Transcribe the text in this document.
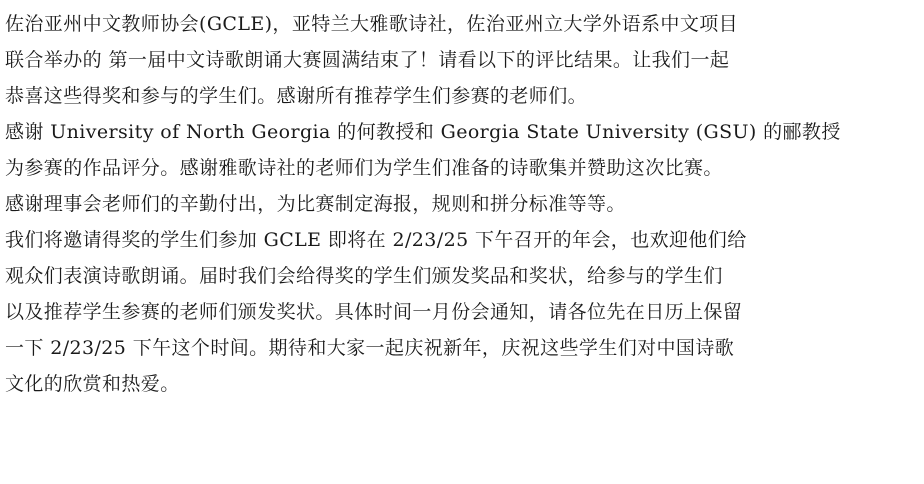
佐治亚州中文教师协会(GCLE)，亚特兰大雅歌诗社，佐治亚州立大学外语系中文项目
联合举办的 第一届中文诗歌朗诵大赛圆满结束了！请看以下的评比结果。让我们一起
恭喜这些得奖和参与的学生们。感谢所有推荐学生们参赛的老师们。
感谢 University of North Georgia 的何教授和 Georgia State University (GSU) 的郦教授
为参赛的作品评分。感谢雅歌诗社的老师们为学生们准备的诗歌集并赞助这次比赛。
感谢理事会老师们的辛勤付出，为比赛制定海报，规则和拼分标准等等。
我们将邀请得奖的学生们参加 GCLE 即将在 2/23/25 下午召开的年会，也欢迎他们给
观众们表演诗歌朗诵。届时我们会给得奖的学生们颁发奖品和奖状，给参与的学生们
以及推荐学生参赛的老师们颁发奖状。具体时间一月份会通知，请各位先在日历上保留
一下 2/23/25 下午这个时间。期待和大家一起庆祝新年，庆祝这些学生们对中国诗歌
文化的欣赏和热爱。
